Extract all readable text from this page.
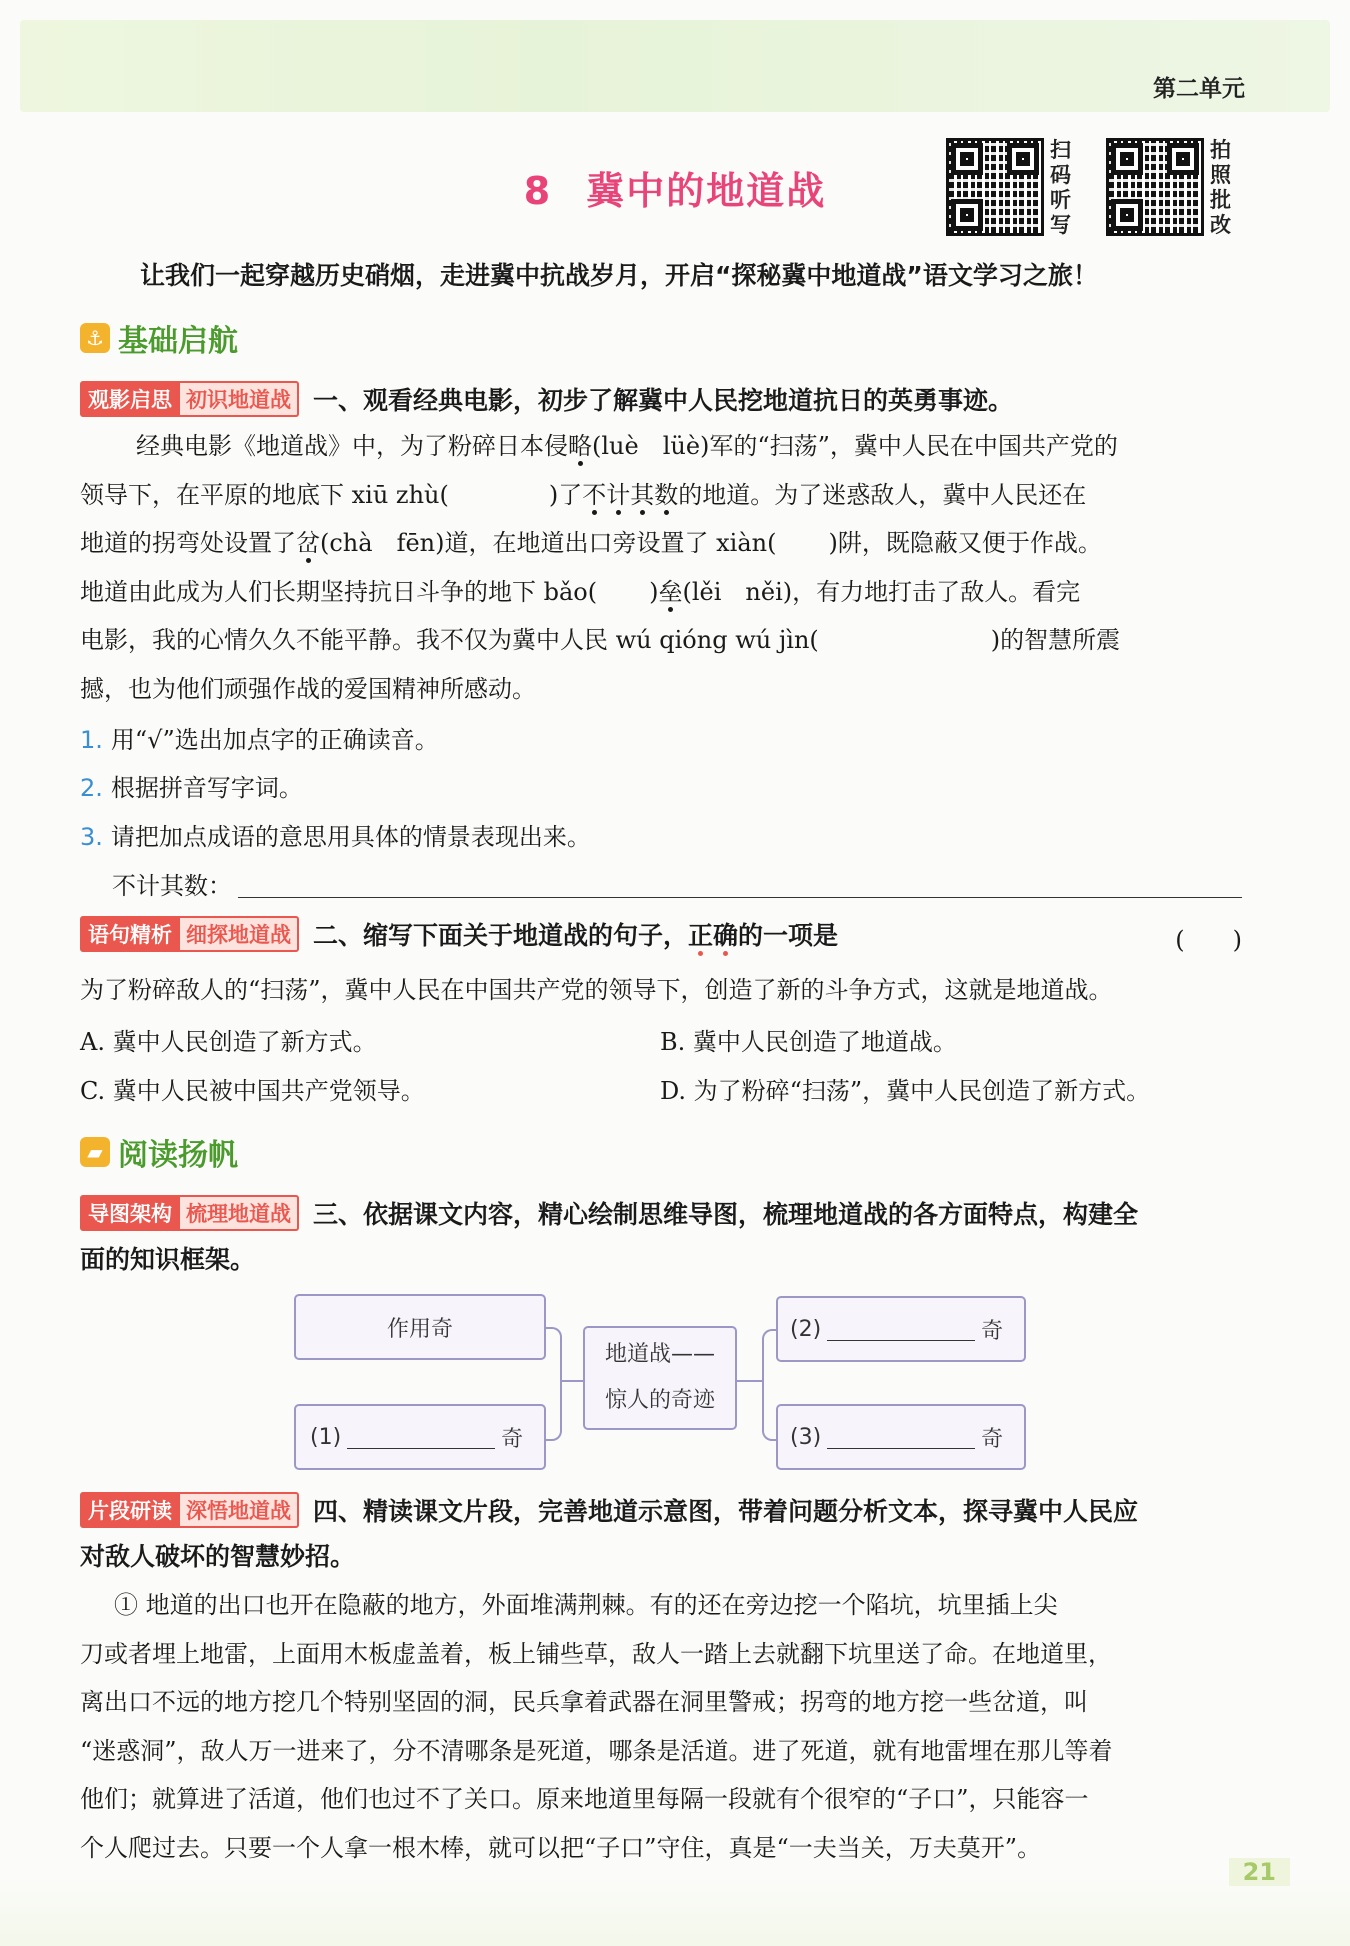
第二单元
8 冀中的地道战
扫
码
听
写
拍
照
批
改
让我们一起穿越历史硝烟，走进冀中抗战岁月，开启“探秘冀中地道战”语文学习之旅！
⚓ 基础启航
观影启思 初识地道战 一、观看经典电影，初步了解冀中人民挖地道抗日的英勇事迹。
经典电影《地道战》中，为了粉碎日本侵略(luè　lüè)军的“扫荡”，冀中人民在中国共产党的
领导下，在平原的地底下 xiū zhù(	)了不计其数的地道。为了迷惑敌人，冀中人民还在
地道的拐弯处设置了岔(chà　fēn)道，在地道出口旁设置了 xiàn( )阱，既隐蔽又便于作战。
地道由此成为人们长期坚持抗日斗争的地下 bǎo( )垒(lěi　něi)，有力地打击了敌人。看完
电影，我的心情久久不能平静。我不仅为冀中人民 wú qióng wú jìn(	)的智慧所震
撼，也为他们顽强作战的爱国精神所感动。
1. 用“√”选出加点字的正确读音。
2. 根据拼音写字词。
3. 请把加点成语的意思用具体的情景表现出来。
不计其数：
语句精析 细探地道战 二、缩写下面关于地道战的句子，正确的一项是	(　　)
为了粉碎敌人的“扫荡”，冀中人民在中国共产党的领导下，创造了新的斗争方式，这就是地道战。
A. 冀中人民创造了新方式。	B. 冀中人民创造了地道战。
C. 冀中人民被中国共产党领导。	D. 为了粉碎“扫荡”，冀中人民创造了新方式。
▰ 阅读扬帆
导图架构 梳理地道战 三、依据课文内容，精心绘制思维导图，梳理地道战的各方面特点，构建全
面的知识框架。
作用奇
(1)	奇
地道战——
惊人的奇迹
(2)	奇
(3)	奇
片段研读 深悟地道战 四、精读课文片段，完善地道示意图，带着问题分析文本，探寻冀中人民应
对敌人破坏的智慧妙招。
① 地道的出口也开在隐蔽的地方，外面堆满荆棘。有的还在旁边挖一个陷坑，坑里插上尖
刀或者埋上地雷，上面用木板虚盖着，板上铺些草，敌人一踏上去就翻下坑里送了命。在地道里，
离出口不远的地方挖几个特别坚固的洞，民兵拿着武器在洞里警戒；拐弯的地方挖一些岔道，叫
“迷惑洞”，敌人万一进来了，分不清哪条是死道，哪条是活道。进了死道，就有地雷埋在那儿等着
他们；就算进了活道，他们也过不了关口。原来地道里每隔一段就有个很窄的“子口”，只能容一
个人爬过去。只要一个人拿一根木棒，就可以把“子口”守住，真是“一夫当关，万夫莫开”。
21
